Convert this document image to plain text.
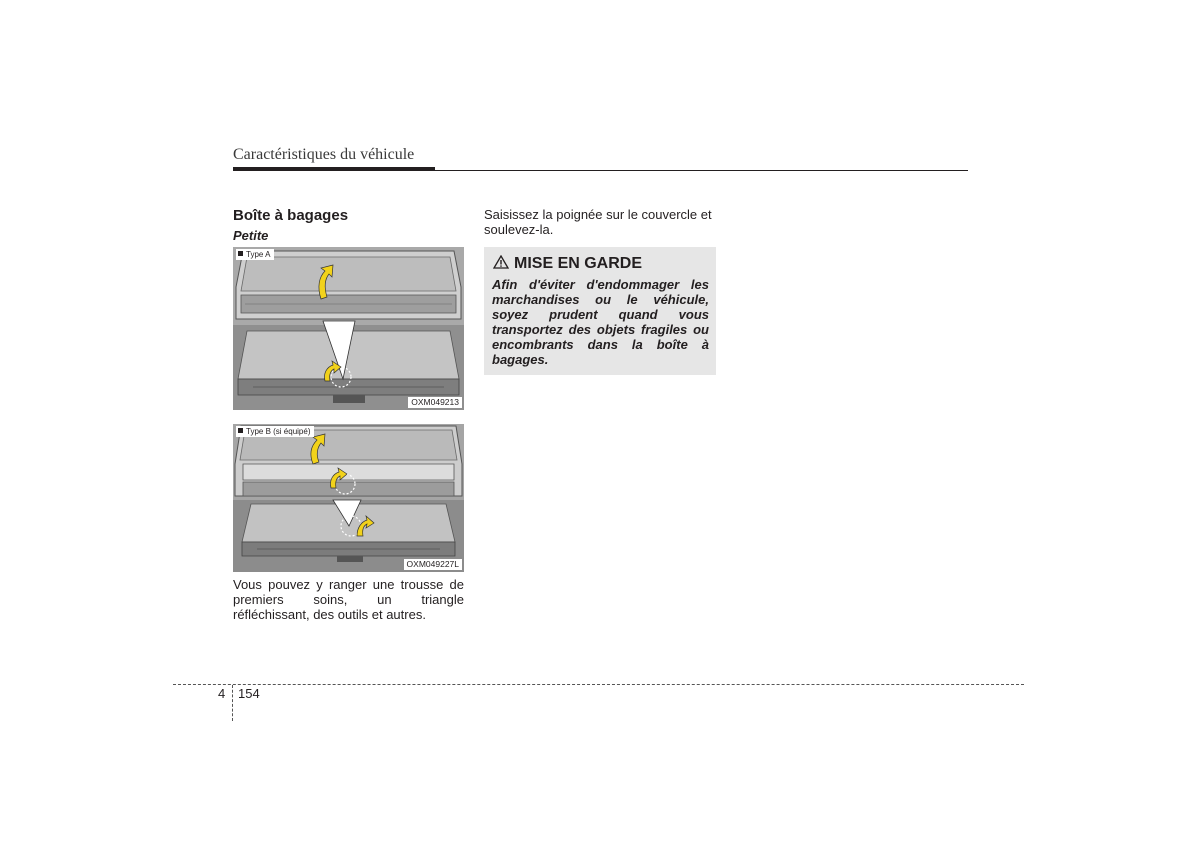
Caractéristiques du véhicule
Boîte à bagages
Petite
Type A
OXM049213
Type B (si équipé)
OXM049227L
Vous pouvez y ranger une trousse de premiers soins, un triangle réfléchissant, des outils et autres.
Saisissez la poignée sur le couvercle et soulevez-la.
MISE EN GARDE
Afin d'éviter d'endommager les marchandises ou le véhicule, soyez prudent quand vous transportez des objets fragiles ou encombrants dans la boîte à bagages.
4 154
